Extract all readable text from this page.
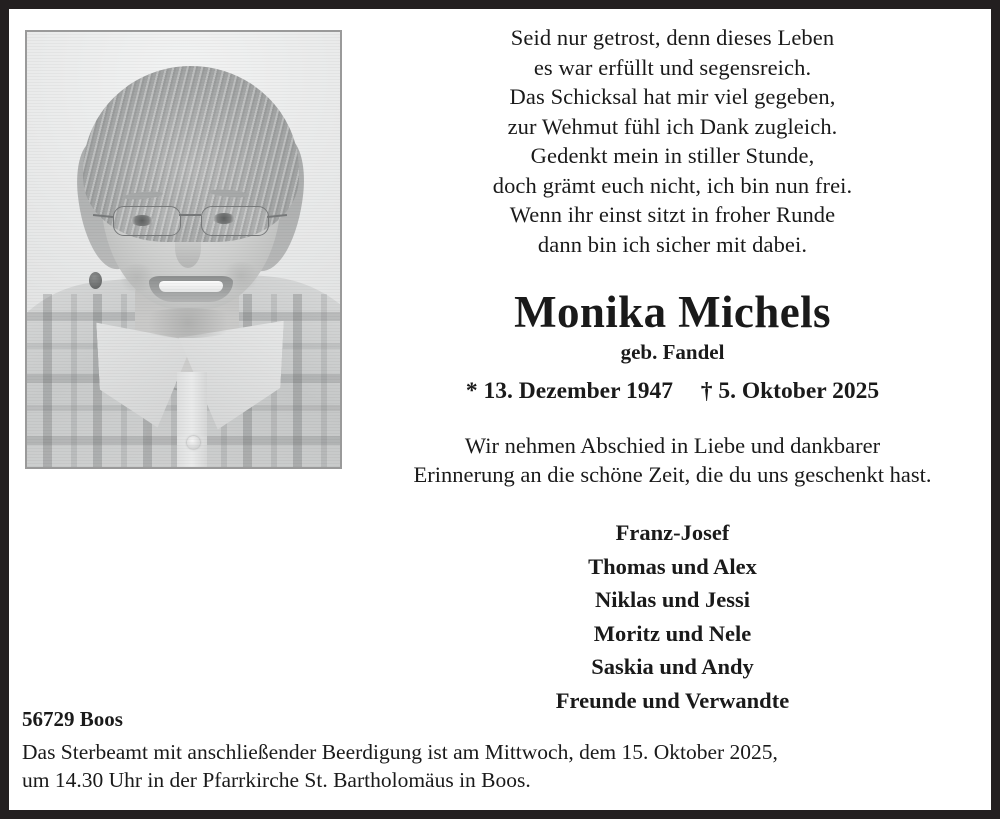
Seid nur getrost, denn dieses Leben
es war erfüllt und segensreich.
Das Schicksal hat mir viel gegeben,
zur Wehmut fühl ich Dank zugleich.
Gedenkt mein in stiller Stunde,
doch grämt euch nicht, ich bin nun frei.
Wenn ihr einst sitzt in froher Runde
dann bin ich sicher mit dabei.
Monika Michels
geb. Fandel
* 13. Dezember 1947 † 5. Oktober 2025
Wir nehmen Abschied in Liebe und dankbarer
Erinnerung an die schöne Zeit, die du uns geschenkt hast.
Franz-Josef
Thomas und Alex
Niklas und Jessi
Moritz und Nele
Saskia und Andy
Freunde und Verwandte
56729 Boos
Das Sterbeamt mit anschließender Beerdigung ist am Mittwoch, dem 15. Oktober 2025,
um 14.30 Uhr in der Pfarrkirche St. Bartholomäus in Boos.
